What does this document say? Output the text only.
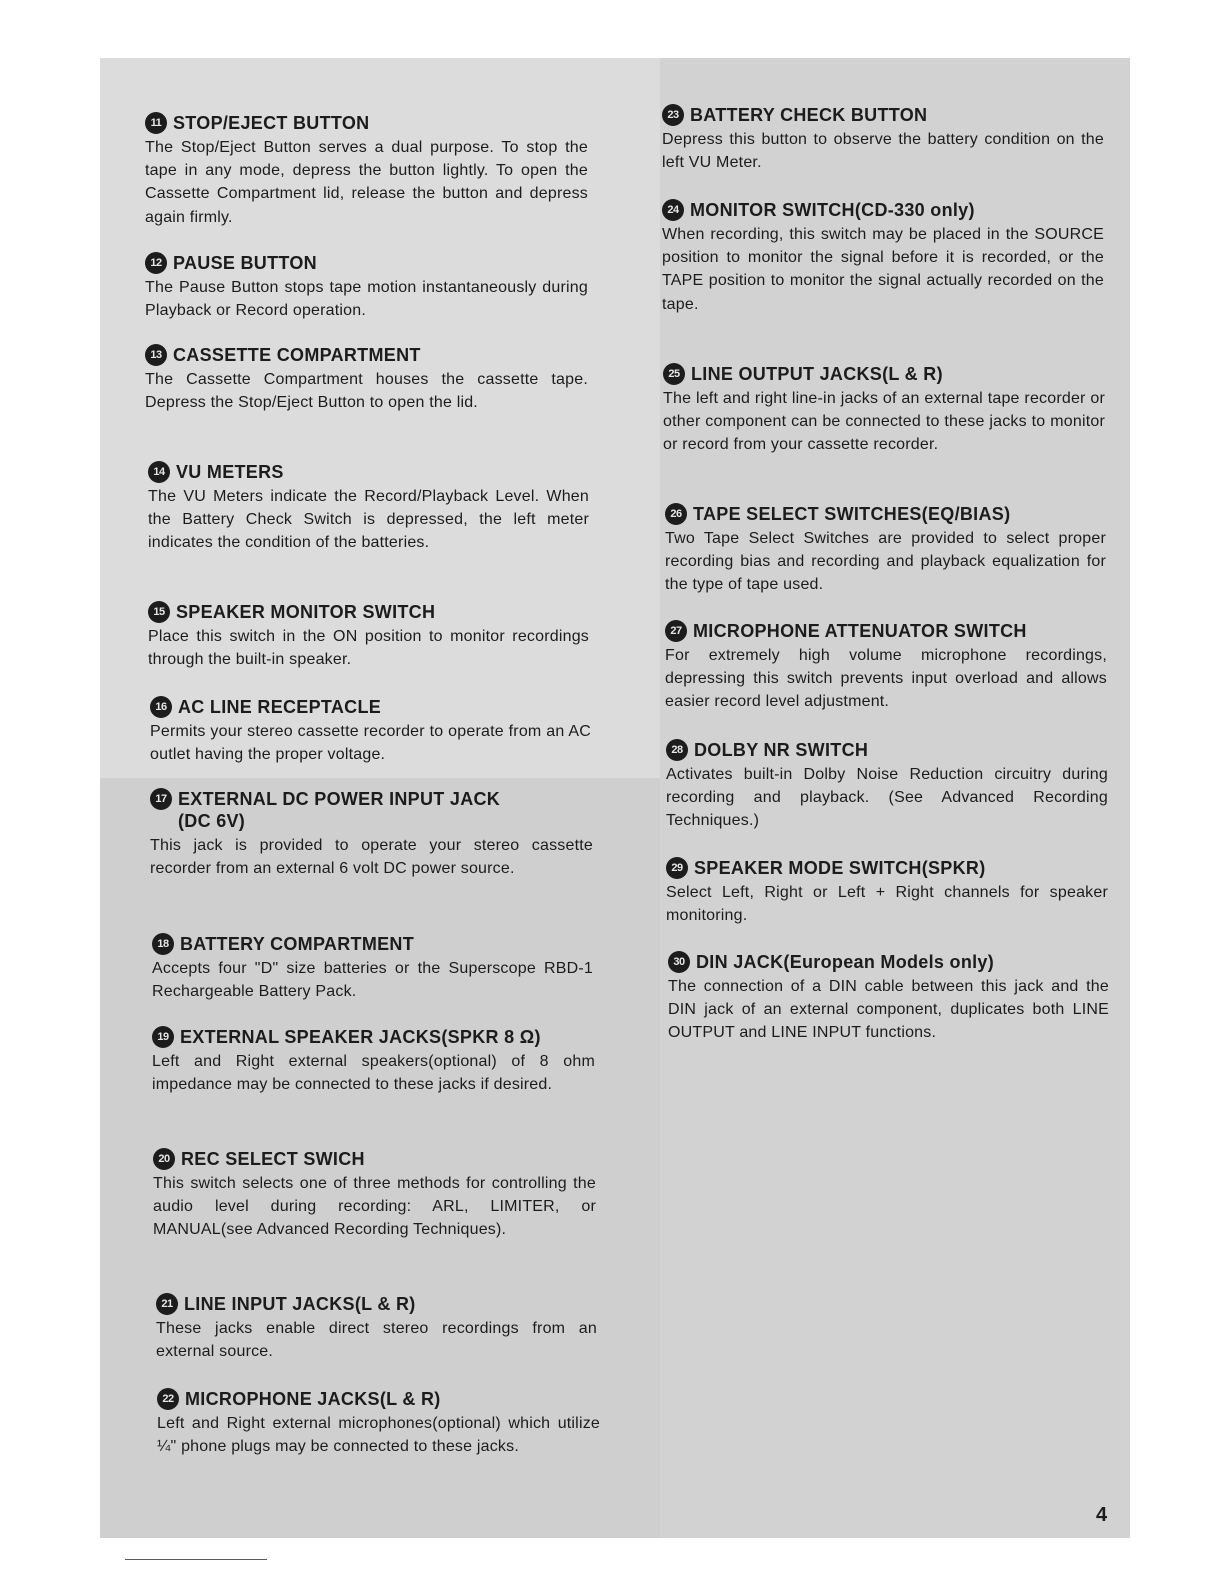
11 STOP/EJECT BUTTON

The Stop/Eject Button serves a dual purpose. To stop the tape in any mode, depress the button lightly. To open the Cassette Compartment lid, release the button and depress again firmly.

12 PAUSE BUTTON

The Pause Button stops tape motion instantaneously during Playback or Record operation.

13 CASSETTE COMPARTMENT

The Cassette Compartment houses the cassette tape. Depress the Stop/Eject Button to open the lid.

14 VU METERS

The VU Meters indicate the Record/Playback Level. When the Battery Check Switch is depressed, the left meter indicates the condition of the batteries.

15 SPEAKER MONITOR SWITCH

Place this switch in the ON position to monitor recordings through the built-in speaker.

16 AC LINE RECEPTACLE

Permits your stereo cassette recorder to operate from an AC outlet having the proper voltage.

17 EXTERNAL DC POWER INPUT JACK
(DC 6V)

This jack is provided to operate your stereo cassette recorder from an external 6 volt DC power source.

18 BATTERY COMPARTMENT

Accepts four "D" size batteries or the Superscope RBD-1 Rechargeable Battery Pack.

19 EXTERNAL SPEAKER JACKS(SPKR 8 Ω)

Left and Right external speakers(optional) of 8 ohm impedance may be connected to these jacks if desired.

20 REC SELECT SWICH

This switch selects one of three methods for controlling the audio level during recording: ARL, LIMITER, or MANUAL(see Advanced Recording Techniques).

21 LINE INPUT JACKS(L & R)

These jacks enable direct stereo recordings from an external source.

22 MICROPHONE JACKS(L & R)

Left and Right external microphones(optional) which utilize ¼" phone plugs may be connected to these jacks.

23 BATTERY CHECK BUTTON

Depress this button to observe the battery condition on the left VU Meter.

24 MONITOR SWITCH(CD-330 only)

When recording, this switch may be placed in the SOURCE position to monitor the signal before it is recorded, or the TAPE position to monitor the signal actually recorded on the tape.

25 LINE OUTPUT JACKS(L & R)

The left and right line-in jacks of an external tape recorder or other component can be connected to these jacks to monitor or record from your cassette recorder.

26 TAPE SELECT SWITCHES(EQ/BIAS)

Two Tape Select Switches are provided to select proper recording bias and recording and playback equalization for the type of tape used.

27 MICROPHONE ATTENUATOR SWITCH

For extremely high volume microphone recordings, depressing this switch prevents input overload and allows easier record level adjustment.

28 DOLBY NR SWITCH

Activates built-in Dolby Noise Reduction circuitry during recording and playback. (See Advanced Recording Techniques.)

29 SPEAKER MODE SWITCH(SPKR)

Select Left, Right or Left + Right channels for speaker monitoring.

30 DIN JACK(European Models only)

The connection of a DIN cable between this jack and the DIN jack of an external component, duplicates both LINE OUTPUT and LINE INPUT functions.

4
